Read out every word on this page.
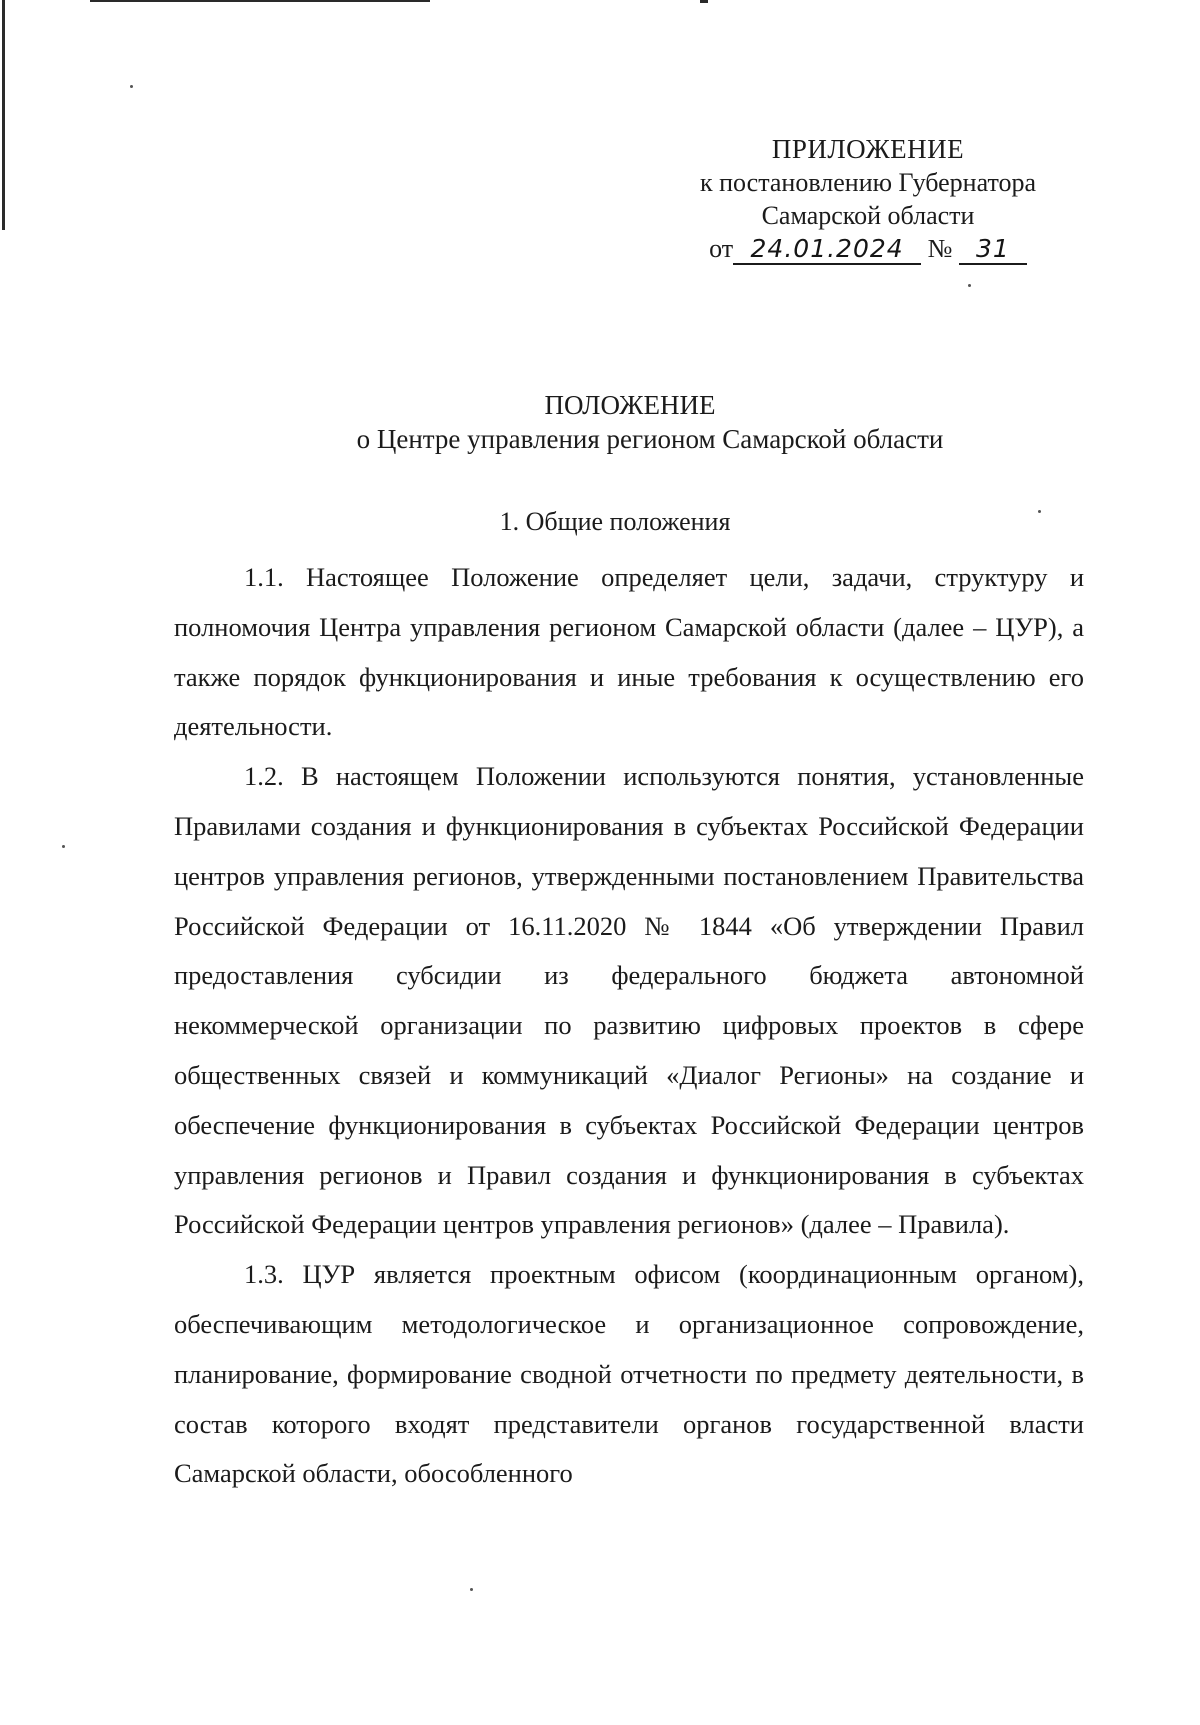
ПРИЛОЖЕНИЕ
к постановлению Губернатора
Самарской области
от 24.01.2024 № 31
ПОЛОЖЕНИЕ
о Центре управления регионом Самарской области
1. Общие положения

1.1. Настоящее Положение определяет цели, задачи, структуру и полномочия Центра управления регионом Самарской области (далее – ЦУР), а также порядок функционирования и иные требования к осуществлению его деятельности.

1.2. В настоящем Положении используются понятия, установленные Правилами создания и функционирования в субъектах Российской Федерации центров управления регионов, утвержденными постановлением Правительства Российской Федерации от 16.11.2020 № 1844 «Об утверждении Правил предоставления субсидии из федерального бюджета автономной некоммерческой организации по развитию цифровых проектов в сфере общественных связей и коммуникаций «Диалог Регионы» на создание и обеспечение функционирования в субъектах Российской Федерации центров управления регионов и Правил создания и функционирования в субъектах Российской Федерации центров управления регионов» (далее – Правила).

1.3. ЦУР является проектным офисом (координационным органом), обеспечивающим методологическое и организационное сопровождение, планирование, формирование сводной отчетности по предмету деятельности, в состав которого входят представители органов государственной власти Самарской области, обособленного
